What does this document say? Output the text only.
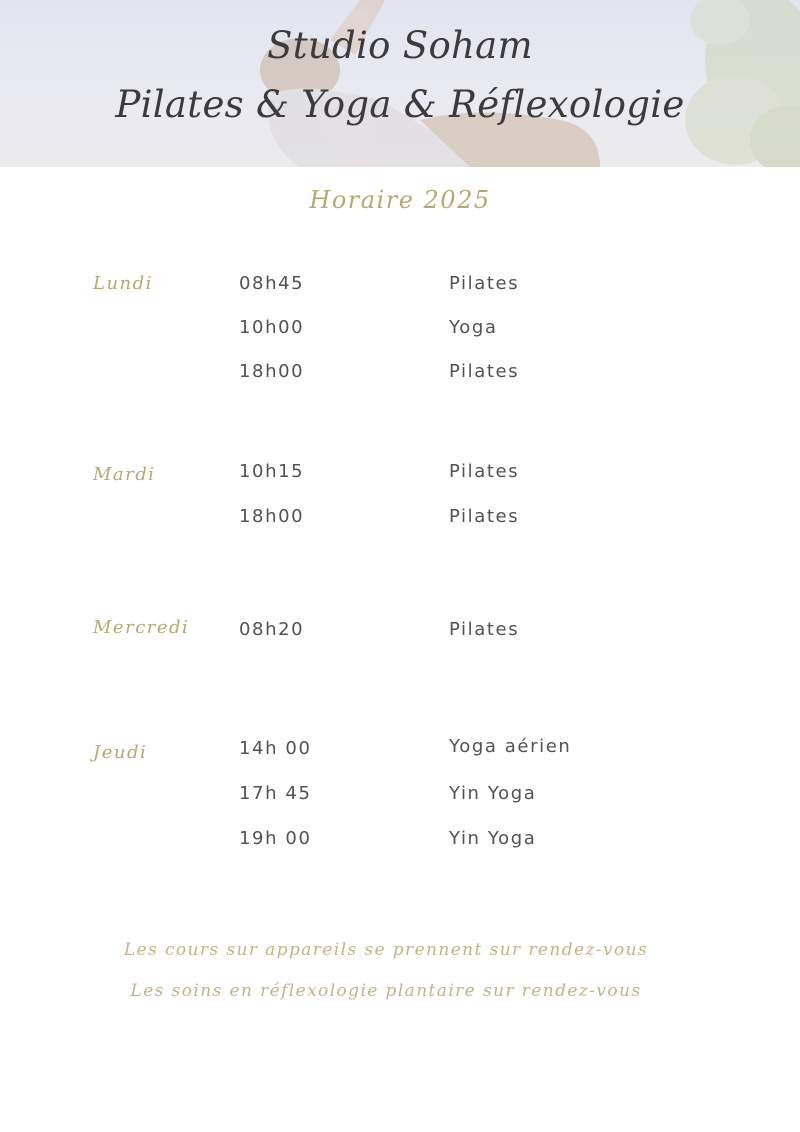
Studio Soham
Pilates & Yoga & Réflexologie
Horaire 2025
Lundi	08h45	Pilates
10h00	Yoga
18h00	Pilates
Mardi	10h15	Pilates
18h00	Pilates
Mercredi	08h20	Pilates
Jeudi	14h 00	Yoga aérien
17h 45	Yin Yoga
19h 00	Yin Yoga
Les cours sur appareils se prennent sur rendez-vous
Les soins en réflexologie plantaire sur rendez-vous
